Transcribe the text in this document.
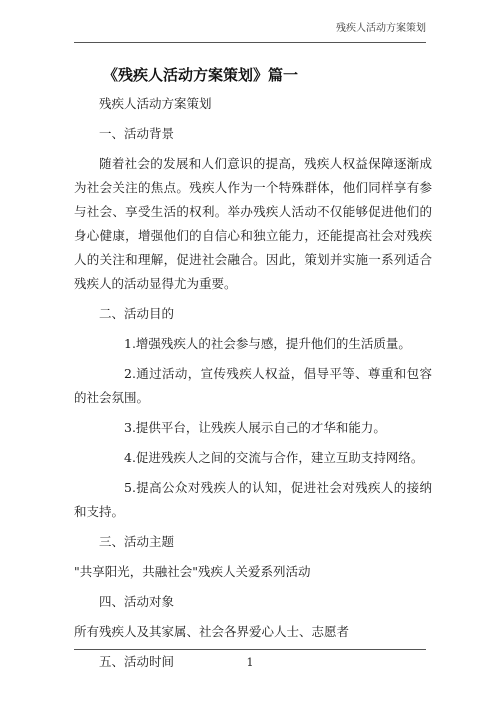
残疾人活动方案策划
《残疾人活动方案策划》篇一

残疾人活动方案策划

一、活动背景

随着社会的发展和人们意识的提高，残疾人权益保障逐渐成为社会关注的焦点。残疾人作为一个特殊群体，他们同样享有参与社会、享受生活的权利。举办残疾人活动不仅能够促进他们的身心健康，增强他们的自信心和独立能力，还能提高社会对残疾人的关注和理解，促进社会融合。因此，策划并实施一系列适合残疾人的活动显得尤为重要。

二、活动目的

1.增强残疾人的社会参与感，提升他们的生活质量。

2.通过活动，宣传残疾人权益，倡导平等、尊重和包容的社会氛围。

3.提供平台，让残疾人展示自己的才华和能力。

4.促进残疾人之间的交流与合作，建立互助支持网络。

5.提高公众对残疾人的认知，促进社会对残疾人的接纳和支持。

三、活动主题

"共享阳光，共融社会"残疾人关爱系列活动

四、活动对象

所有残疾人及其家属、社会各界爱心人士、志愿者

五、活动时间	1
